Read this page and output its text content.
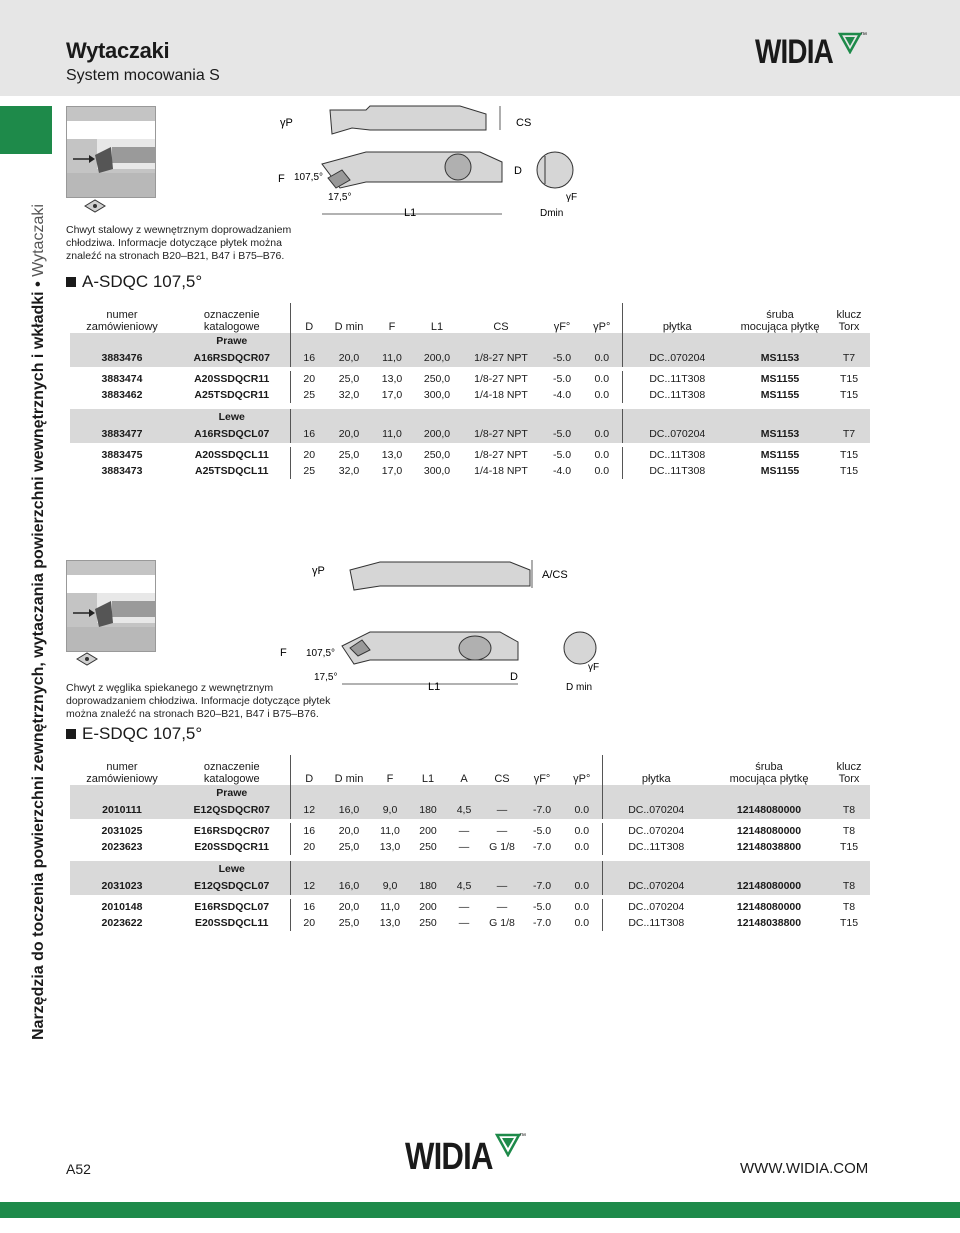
Wytaczaki
System mocowania S
WIDIA	™
Narzędzia do toczenia powierzchni zewnętrznych, wytaczania powierzchni wewnętrznych i wkładki • Wytaczaki Chwyt stalowy z wewnętrznym doprowadzaniem
chłodziwa. Informacje dotyczące płytek można
znaleźć na stronach B20–B21, B47 i B75–B76.
γP	CS
F 107,5°
17,5°
L1
D
γF
Dmin
A-SDQC 107,5°
numer
zamówieniowy	oznaczenie
katalogowe	D	D min	F	L1	CS	γF°	γP°	płytka	śruba
mocująca płytkę	klucz
Torx
	Prawe										
3883476	A16RSDQCR07	16	20,0	11,0	200,0	1/8-27 NPT	-5.0	0.0	DC..070204	MS1153	T7

3883474	A20SSDQCR11	20	25,0	13,0	250,0	1/8-27 NPT	-5.0	0.0	DC..11T308	MS1155	T15
3883462	A25TSDQCR11	25	32,0	17,0	300,0	1/4-18 NPT	-4.0	0.0	DC..11T308	MS1155	T15

	Lewe										
3883477	A16RSDQCL07	16	20,0	11,0	200,0	1/8-27 NPT	-5.0	0.0	DC..070204	MS1153	T7

3883475	A20SSDQCL11	20	25,0	13,0	250,0	1/8-27 NPT	-5.0	0.0	DC..11T308	MS1155	T15
3883473	A25TSDQCL11	25	32,0	17,0	300,0	1/4-18 NPT	-4.0	0.0	DC..11T308	MS1155	T15
Chwyt z węglika spiekanego z wewnętrznym
doprowadzaniem chłodziwa. Informacje dotyczące płytek
można znaleźć na stronach B20–B21, B47 i B75–B76.
γP	A/CS
F 107,5°
17,5°
L1
D
γF
D min
E-SDQC 107,5°
numer
zamówieniowy	oznaczenie
katalogowe	D	D min	F	L1	A	CS	γF°	γP°	płytka	śruba
mocująca płytkę	klucz
Torx
	Prawe											
2010111	E12QSDQCR07	12	16,0	9,0	180	4,5	—	-7.0	0.0	DC..070204	12148080000	T8

2031025	E16RSDQCR07	16	20,0	11,0	200	—	—	-5.0	0.0	DC..070204	12148080000	T8
2023623	E20SSDQCR11	20	25,0	13,0	250	—	G 1/8	-7.0	0.0	DC..11T308	12148038800	T15

	Lewe											
2031023	E12QSDQCL07	12	16,0	9,0	180	4,5	—	-7.0	0.0	DC..070204	12148080000	T8

2010148	E16RSDQCL07	16	20,0	11,0	200	—	—	-5.0	0.0	DC..070204	12148080000	T8
2023622	E20SSDQCL11	20	25,0	13,0	250	—	G 1/8	-7.0	0.0	DC..11T308	12148038800	T15
A52	WIDIA	™
WWW.WIDIA.COM
